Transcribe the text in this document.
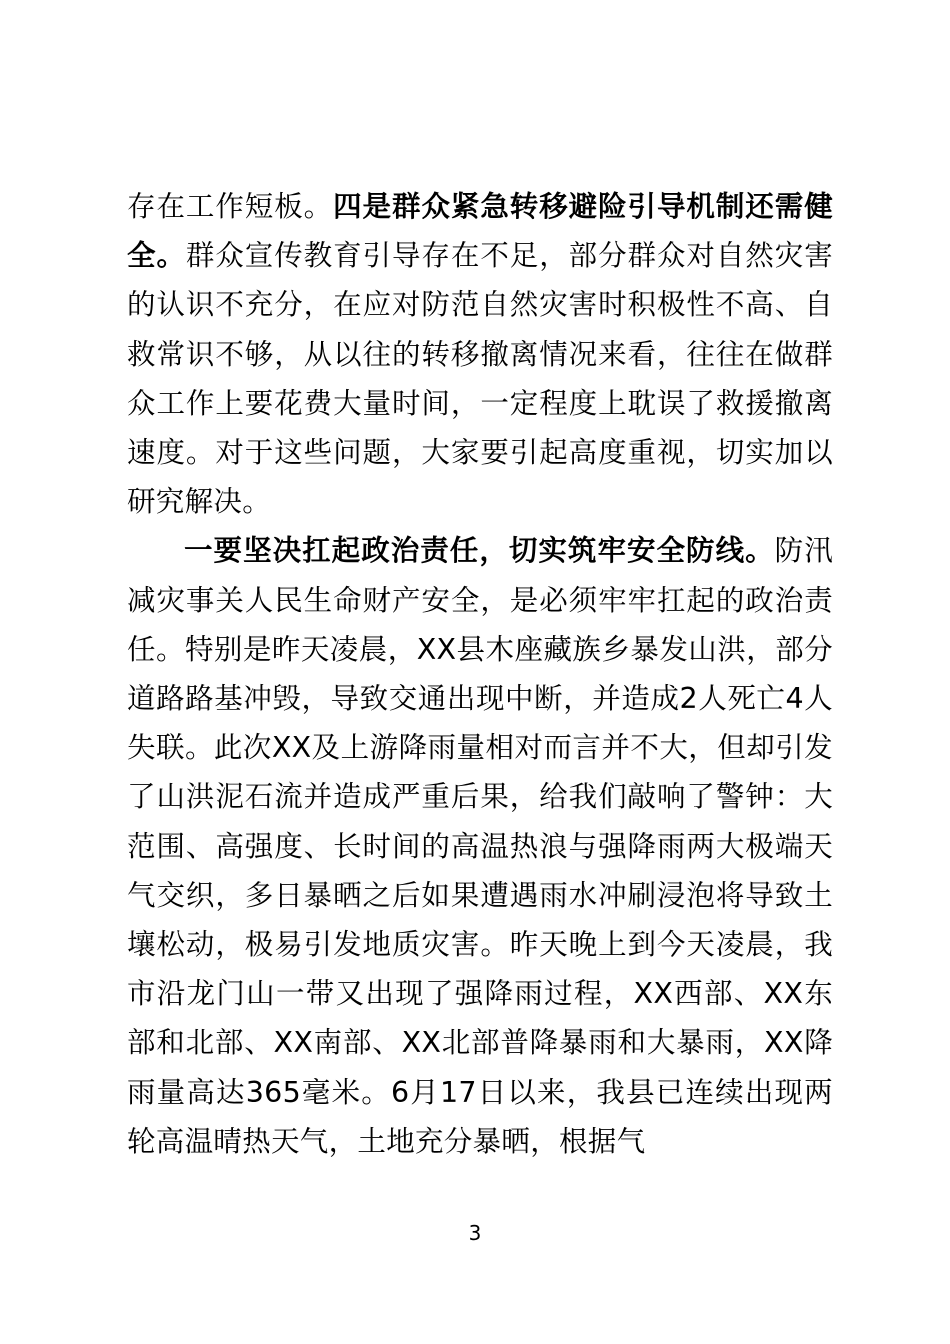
存在工作短板。四是群众紧急转移避险引导机制还需健全。群众宣传教育引导存在不足，部分群众对自然灾害的认识不充分，在应对防范自然灾害时积极性不高、自救常识不够，从以往的转移撤离情况来看，往往在做群众工作上要花费大量时间，一定程度上耽误了救援撤离速度。对于这些问题，大家要引起高度重视，切实加以研究解决。

一要坚决扛起政治责任，切实筑牢安全防线。防汛减灾事关人民生命财产安全，是必须牢牢扛起的政治责任。特别是昨天凌晨，XX县木座藏族乡暴发山洪，部分道路路基冲毁，导致交通出现中断，并造成2人死亡4人失联。此次XX及上游降雨量相对而言并不大，但却引发了山洪泥石流并造成严重后果，给我们敲响了警钟：大范围、高强度、长时间的高温热浪与强降雨两大极端天气交织，多日暴晒之后如果遭遇雨水冲刷浸泡将导致土壤松动，极易引发地质灾害。昨天晚上到今天凌晨，我市沿龙门山一带又出现了强降雨过程，XX西部、XX东部和北部、XX南部、XX北部普降暴雨和大暴雨，XX降雨量高达365毫米。6月17日以来，我县已连续出现两轮高温晴热天气，土地充分暴晒，根据气

3
